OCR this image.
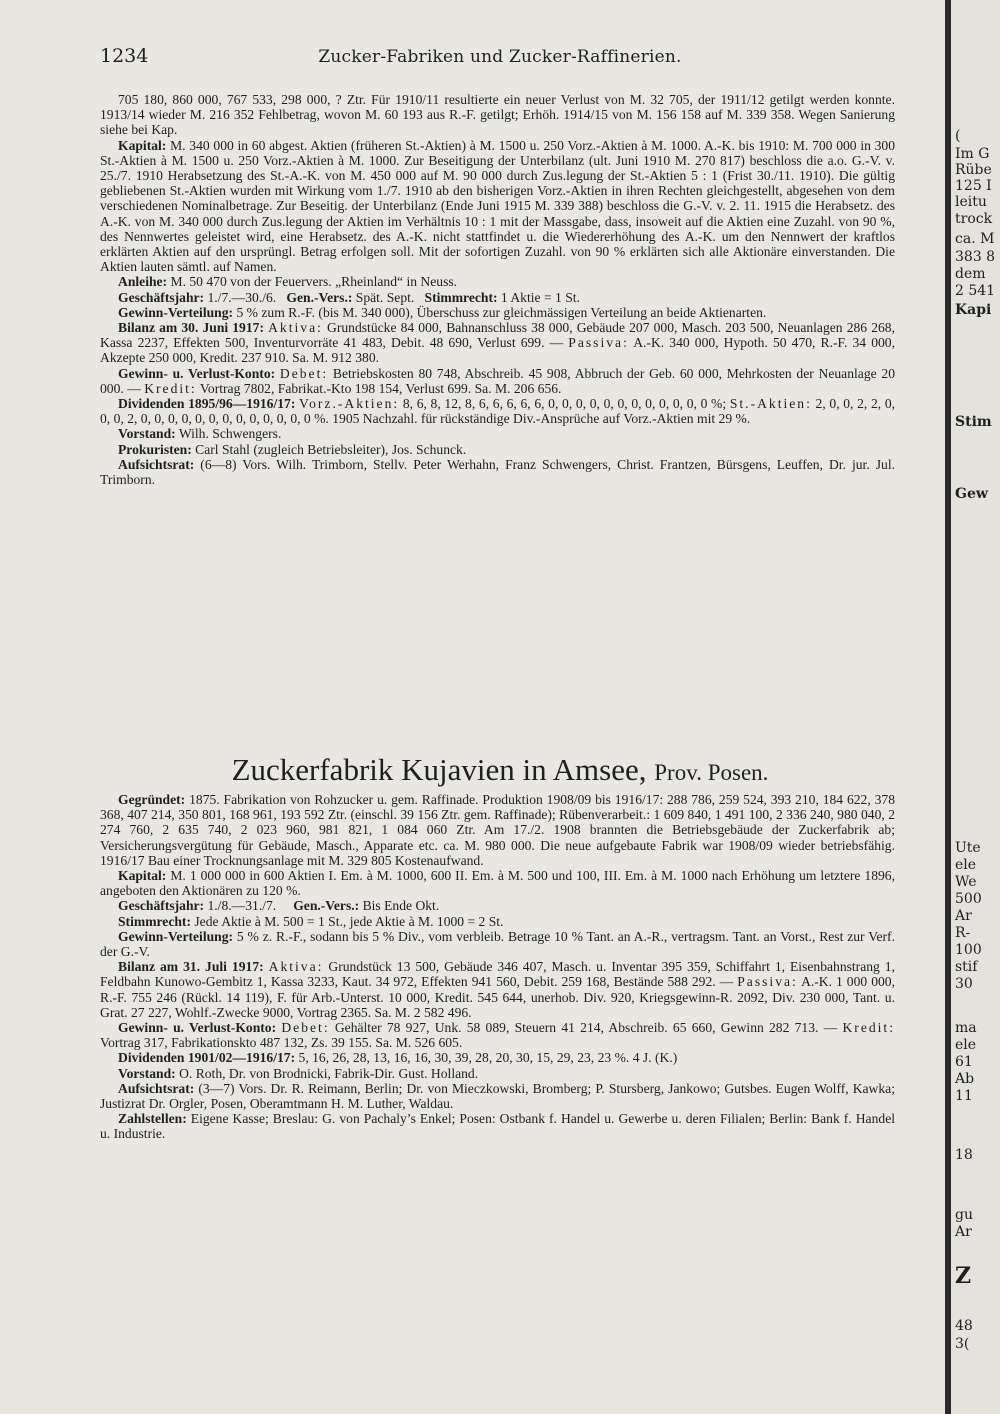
1234	Zucker-Fabriken und Zucker-Raffinerien.

705 180, 860 000, 767 533, 298 000, ? Ztr. Für 1910/11 resultierte ein neuer Verlust von M. 32 705, der 1911/12 getilgt werden konnte. 1913/14 wieder M. 216 352 Fehlbetrag, wovon M. 60 193 aus R.-F. getilgt; Erhöh. 1914/15 von M. 156 158 auf M. 339 358. Wegen Sanierung siehe bei Kap.

Kapital: M. 340 000 in 60 abgest. Aktien (früheren St.-Aktien) à M. 1500 u. 250 Vorz.-Aktien à M. 1000. A.-K. bis 1910: M. 700 000 in 300 St.-Aktien à M. 1500 u. 250 Vorz.-Aktien à M. 1000. Zur Beseitigung der Unterbilanz (ult. Juni 1910 M. 270 817) beschloss die a.o. G.-V. v. 25./7. 1910 Herabsetzung des St.-A.-K. von M. 450 000 auf M. 90 000 durch Zus.legung der St.-Aktien 5 : 1 (Frist 30./11. 1910). Die gültig gebliebenen St.-Aktien wurden mit Wirkung vom 1./7. 1910 ab den bisherigen Vorz.-Aktien in ihren Rechten gleichgestellt, abgesehen von dem verschiedenen Nominalbetrage. Zur Beseitig. der Unterbilanz (Ende Juni 1915 M. 339 388) beschloss die G.-V. v. 2. 11. 1915 die Herabsetz. des A.-K. von M. 340 000 durch Zus.legung der Aktien im Verhältnis 10 : 1 mit der Massgabe, dass, insoweit auf die Aktien eine Zuzahl. von 90 %, des Nennwertes geleistet wird, eine Herabsetz. des A.-K. nicht stattfindet u. die Wiedererhöhung des A.-K. um den Nennwert der kraftlos erklärten Aktien auf den ursprüngl. Betrag erfolgen soll. Mit der sofortigen Zuzahl. von 90 % erklärten sich alle Aktionäre einverstanden. Die Aktien lauten sämtl. auf Namen.

Anleihe: M. 50 470 von der Feuervers. „Rheinland“ in Neuss.

Geschäftsjahr: 1./7.—30./6. Gen.-Vers.: Spät. Sept. Stimmrecht: 1 Aktie = 1 St.

Gewinn-Verteilung: 5 % zum R.-F. (bis M. 340 000), Überschuss zur gleichmässigen Verteilung an beide Aktienarten.

Bilanz am 30. Juni 1917: Aktiva: Grundstücke 84 000, Bahnanschluss 38 000, Gebäude 207 000, Masch. 203 500, Neuanlagen 286 268, Kassa 2237, Effekten 500, Inventurvorräte 41 483, Debit. 48 690, Verlust 699. — Passiva: A.-K. 340 000, Hypoth. 50 470, R.-F. 34 000, Akzepte 250 000, Kredit. 237 910. Sa. M. 912 380.

Gewinn- u. Verlust-Konto: Debet: Betriebskosten 80 748, Abschreib. 45 908, Abbruch der Geb. 60 000, Mehrkosten der Neuanlage 20 000. — Kredit: Vortrag 7802, Fabrikat.-Kto 198 154, Verlust 699. Sa. M. 206 656.

Dividenden 1895/96—1916/17: Vorz.-Aktien: 8, 6, 8, 12, 8, 6, 6, 6, 6, 6, 0, 0, 0, 0, 0, 0, 0, 0, 0, 0, 0, 0 %; St.-Aktien: 2, 0, 0, 2, 2, 0, 0, 0, 2, 0, 0, 0, 0, 0, 0, 0, 0, 0, 0, 0, 0, 0 %. 1905 Nachzahl. für rückständige Div.-Ansprüche auf Vorz.-Aktien mit 29 %.

Vorstand: Wilh. Schwengers.

Prokuristen: Carl Stahl (zugleich Betriebsleiter), Jos. Schunck.

Aufsichtsrat: (6—8) Vors. Wilh. Trimborn, Stellv. Peter Werhahn, Franz Schwengers, Christ. Frantzen, Bürsgens, Leuffen, Dr. jur. Jul. Trimborn.

Zuckerfabrik Kujavien in Amsee, Prov. Posen.

Gegründet: 1875. Fabrikation von Rohzucker u. gem. Raffinade. Produktion 1908/09 bis 1916/17: 288 786, 259 524, 393 210, 184 622, 378 368, 407 214, 350 801, 168 961, 193 592 Ztr. (einschl. 39 156 Ztr. gem. Raffinade); Rübenverarbeit.: 1 609 840, 1 491 100, 2 336 240, 980 040, 2 274 760, 2 635 740, 2 023 960, 981 821, 1 084 060 Ztr. Am 17./2. 1908 brannten die Betriebsgebäude der Zuckerfabrik ab; Versicherungsvergütung für Gebäude, Masch., Apparate etc. ca. M. 980 000. Die neue aufgebaute Fabrik war 1908/09 wieder betriebsfähig. 1916/17 Bau einer Trocknungsanlage mit M. 329 805 Kostenaufwand.

Kapital: M. 1 000 000 in 600 Aktien I. Em. à M. 1000, 600 II. Em. à M. 500 und 100, III. Em. à M. 1000 nach Erhöhung um letztere 1896, angeboten den Aktionären zu 120 %.

Geschäftsjahr: 1./8.—31./7. Gen.-Vers.: Bis Ende Okt.

Stimmrecht: Jede Aktie à M. 500 = 1 St., jede Aktie à M. 1000 = 2 St.

Gewinn-Verteilung: 5 % z. R.-F., sodann bis 5 % Div., vom verbleib. Betrage 10 % Tant. an A.-R., vertragsm. Tant. an Vorst., Rest zur Verf. der G.-V.

Bilanz am 31. Juli 1917: Aktiva: Grundstück 13 500, Gebäude 346 407, Masch. u. Inventar 395 359, Schiffahrt 1, Eisenbahnstrang 1, Feldbahn Kunowo-Gembitz 1, Kassa 3233, Kaut. 34 972, Effekten 941 560, Debit. 259 168, Bestände 588 292. — Passiva: A.-K. 1 000 000, R.-F. 755 246 (Rückl. 14 119), F. für Arb.-Unterst. 10 000, Kredit. 545 644, unerhob. Div. 920, Kriegsgewinn-R. 2092, Div. 230 000, Tant. u. Grat. 27 227, Wohlf.-Zwecke 9000, Vortrag 2365. Sa. M. 2 582 496.

Gewinn- u. Verlust-Konto: Debet: Gehälter 78 927, Unk. 58 089, Steuern 41 214, Abschreib. 65 660, Gewinn 282 713. — Kredit: Vortrag 317, Fabrikationskto 487 132, Zs. 39 155. Sa. M. 526 605.

Dividenden 1901/02—1916/17: 5, 16, 26, 28, 13, 16, 16, 30, 39, 28, 20, 30, 15, 29, 23, 23 %. 4 J. (K.)

Vorstand: O. Roth, Dr. von Brodnicki, Fabrik-Dir. Gust. Holland.

Aufsichtsrat: (3—7) Vors. Dr. R. Reimann, Berlin; Dr. von Mieczkowski, Bromberg; P. Stursberg, Jankowo; Gutsbes. Eugen Wolff, Kawka; Justizrat Dr. Orgler, Posen, Oberamtmann H. M. Luther, Waldau.

Zahlstellen: Eigene Kasse; Breslau: G. von Pachaly’s Enkel; Posen: Ostbank f. Handel u. Gewerbe u. deren Filialen; Berlin: Bank f. Handel u. Industrie.

(
Im G
Rübe
125 I
leitu
trock
ca. M
383 8
dem
2 541
Kapi
Stim
Gew
Ute
ele
We
500
Ar
R-
100
stif
30
ma
ele
61
Ab
11
18
gu
Ar
Z
48
3(
